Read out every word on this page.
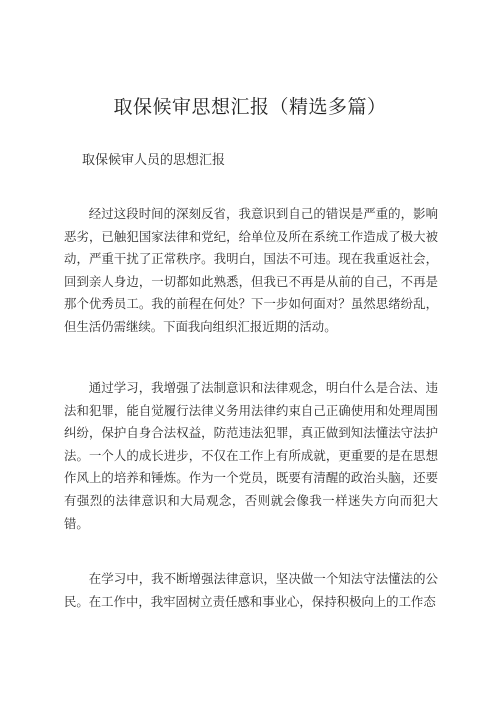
取保候审思想汇报（精选多篇）
取保候审人员的思想汇报

经过这段时间的深刻反省，我意识到自己的错误是严重的，影响恶劣，已触犯国家法律和党纪，给单位及所在系统工作造成了极大被动，严重干扰了正常秩序。我明白，国法不可违。现在我重返社会，回到亲人身边，一切都如此熟悉，但我已不再是从前的自己，不再是那个优秀员工。我的前程在何处？下一步如何面对？虽然思绪纷乱，但生活仍需继续。下面我向组织汇报近期的活动。

通过学习，我增强了法制意识和法律观念，明白什么是合法、违法和犯罪，能自觉履行法律义务用法律约束自己正确使用和处理周围纠纷，保护自身合法权益，防范违法犯罪，真正做到知法懂法守法护法。一个人的成长进步，不仅在工作上有所成就，更重要的是在思想作风上的培养和锤炼。作为一个党员，既要有清醒的政治头脑，还要有强烈的法律意识和大局观念，否则就会像我一样迷失方向而犯大错。

在学习中，我不断增强法律意识，坚决做一个知法守法懂法的公民。在工作中，我牢固树立责任感和事业心，保持积极向上的工作态
